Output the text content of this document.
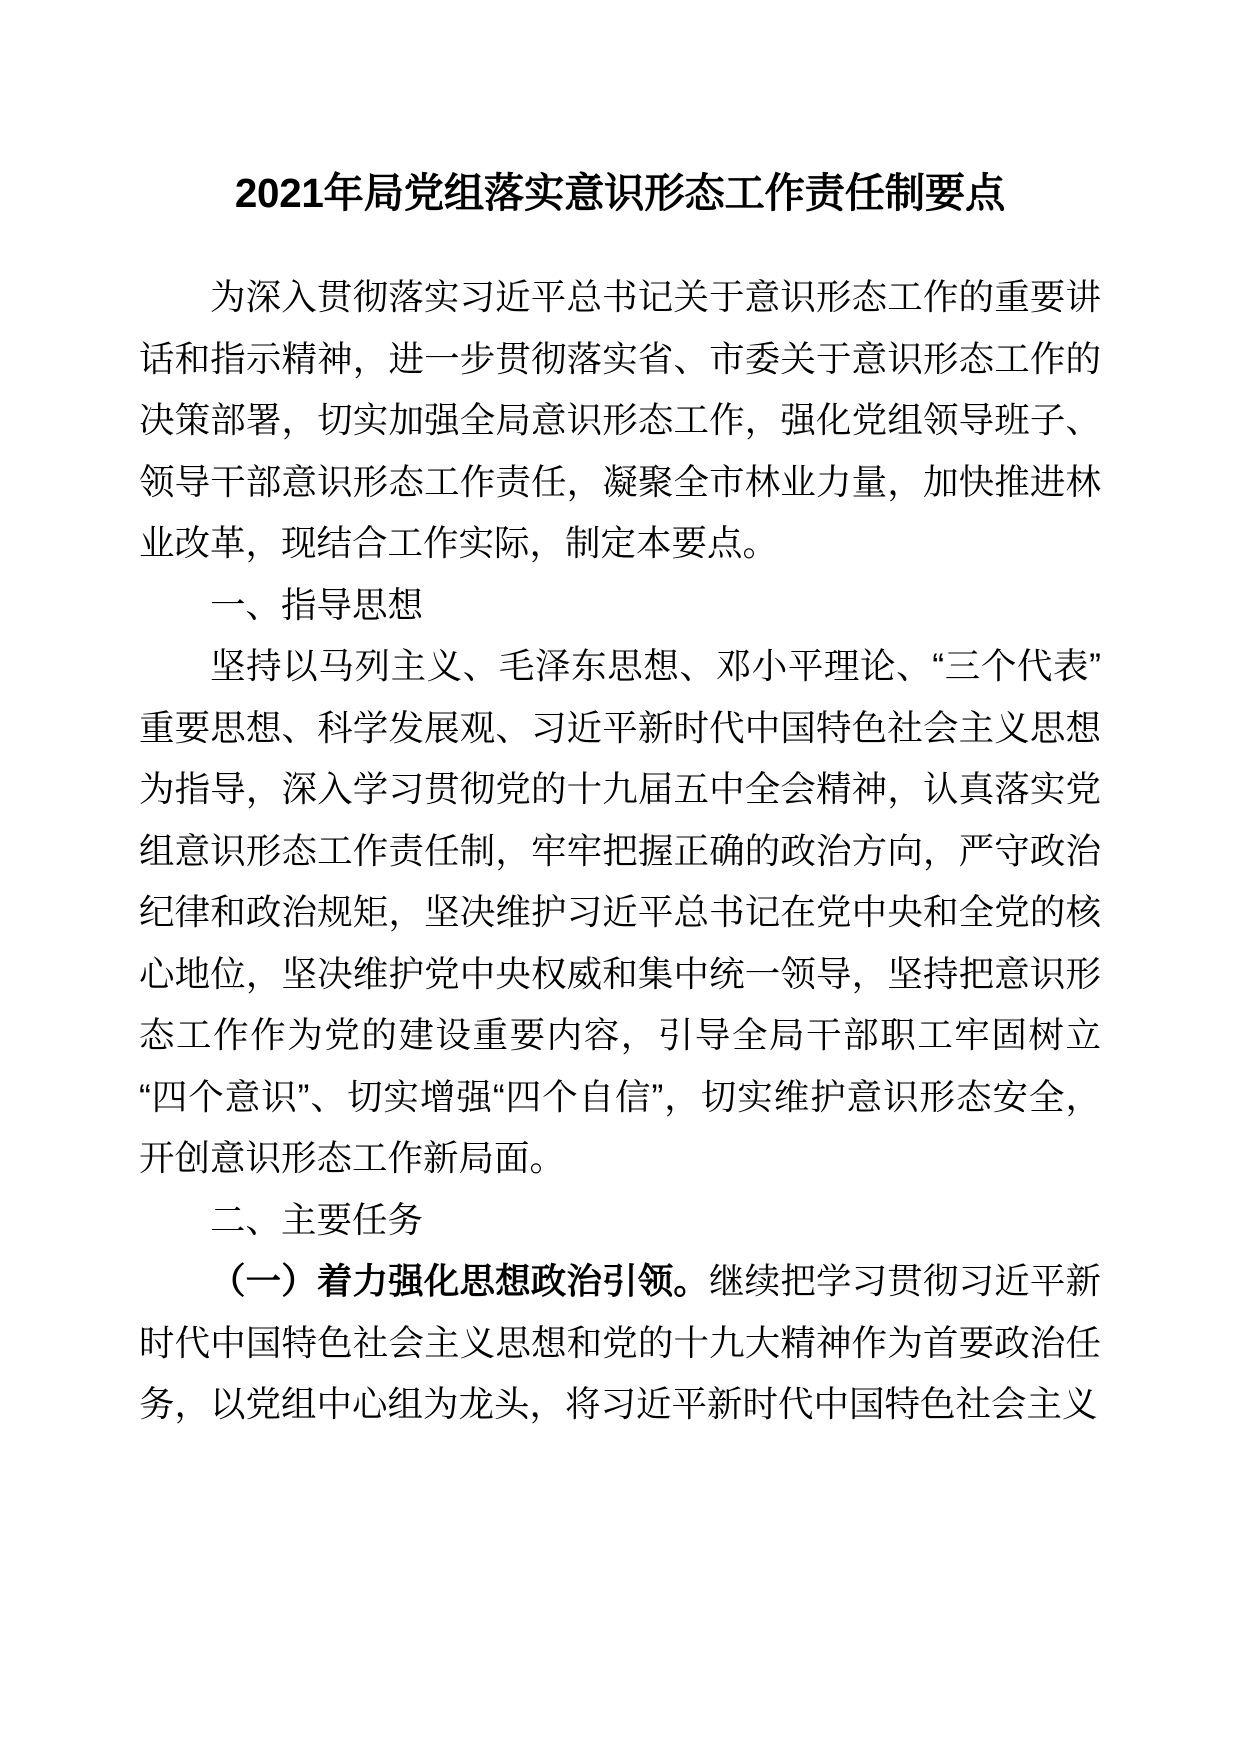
2021年局党组落实意识形态工作责任制要点

为深入贯彻落实习近平总书记关于意识形态工作的重要讲话和指示精神，进一步贯彻落实省、市委关于意识形态工作的决策部署，切实加强全局意识形态工作，强化党组领导班子、领导干部意识形态工作责任，凝聚全市林业力量，加快推进林业改革，现结合工作实际，制定本要点。

一、指导思想

坚持以马列主义、毛泽东思想、邓小平理论、“三个代表”重要思想、科学发展观、习近平新时代中国特色社会主义思想为指导，深入学习贯彻党的十九届五中全会精神，认真落实党组意识形态工作责任制，牢牢把握正确的政治方向，严守政治纪律和政治规矩，坚决维护习近平总书记在党中央和全党的核心地位，坚决维护党中央权威和集中统一领导，坚持把意识形态工作作为党的建设重要内容，引导全局干部职工牢固树立“四个意识”、切实增强“四个自信”，切实维护意识形态安全，开创意识形态工作新局面。

二、主要任务

（一）着力强化思想政治引领。继续把学习贯彻习近平新时代中国特色社会主义思想和党的十九大精神作为首要政治任务，以党组中心组为龙头，将习近平新时代中国特色社会主义
